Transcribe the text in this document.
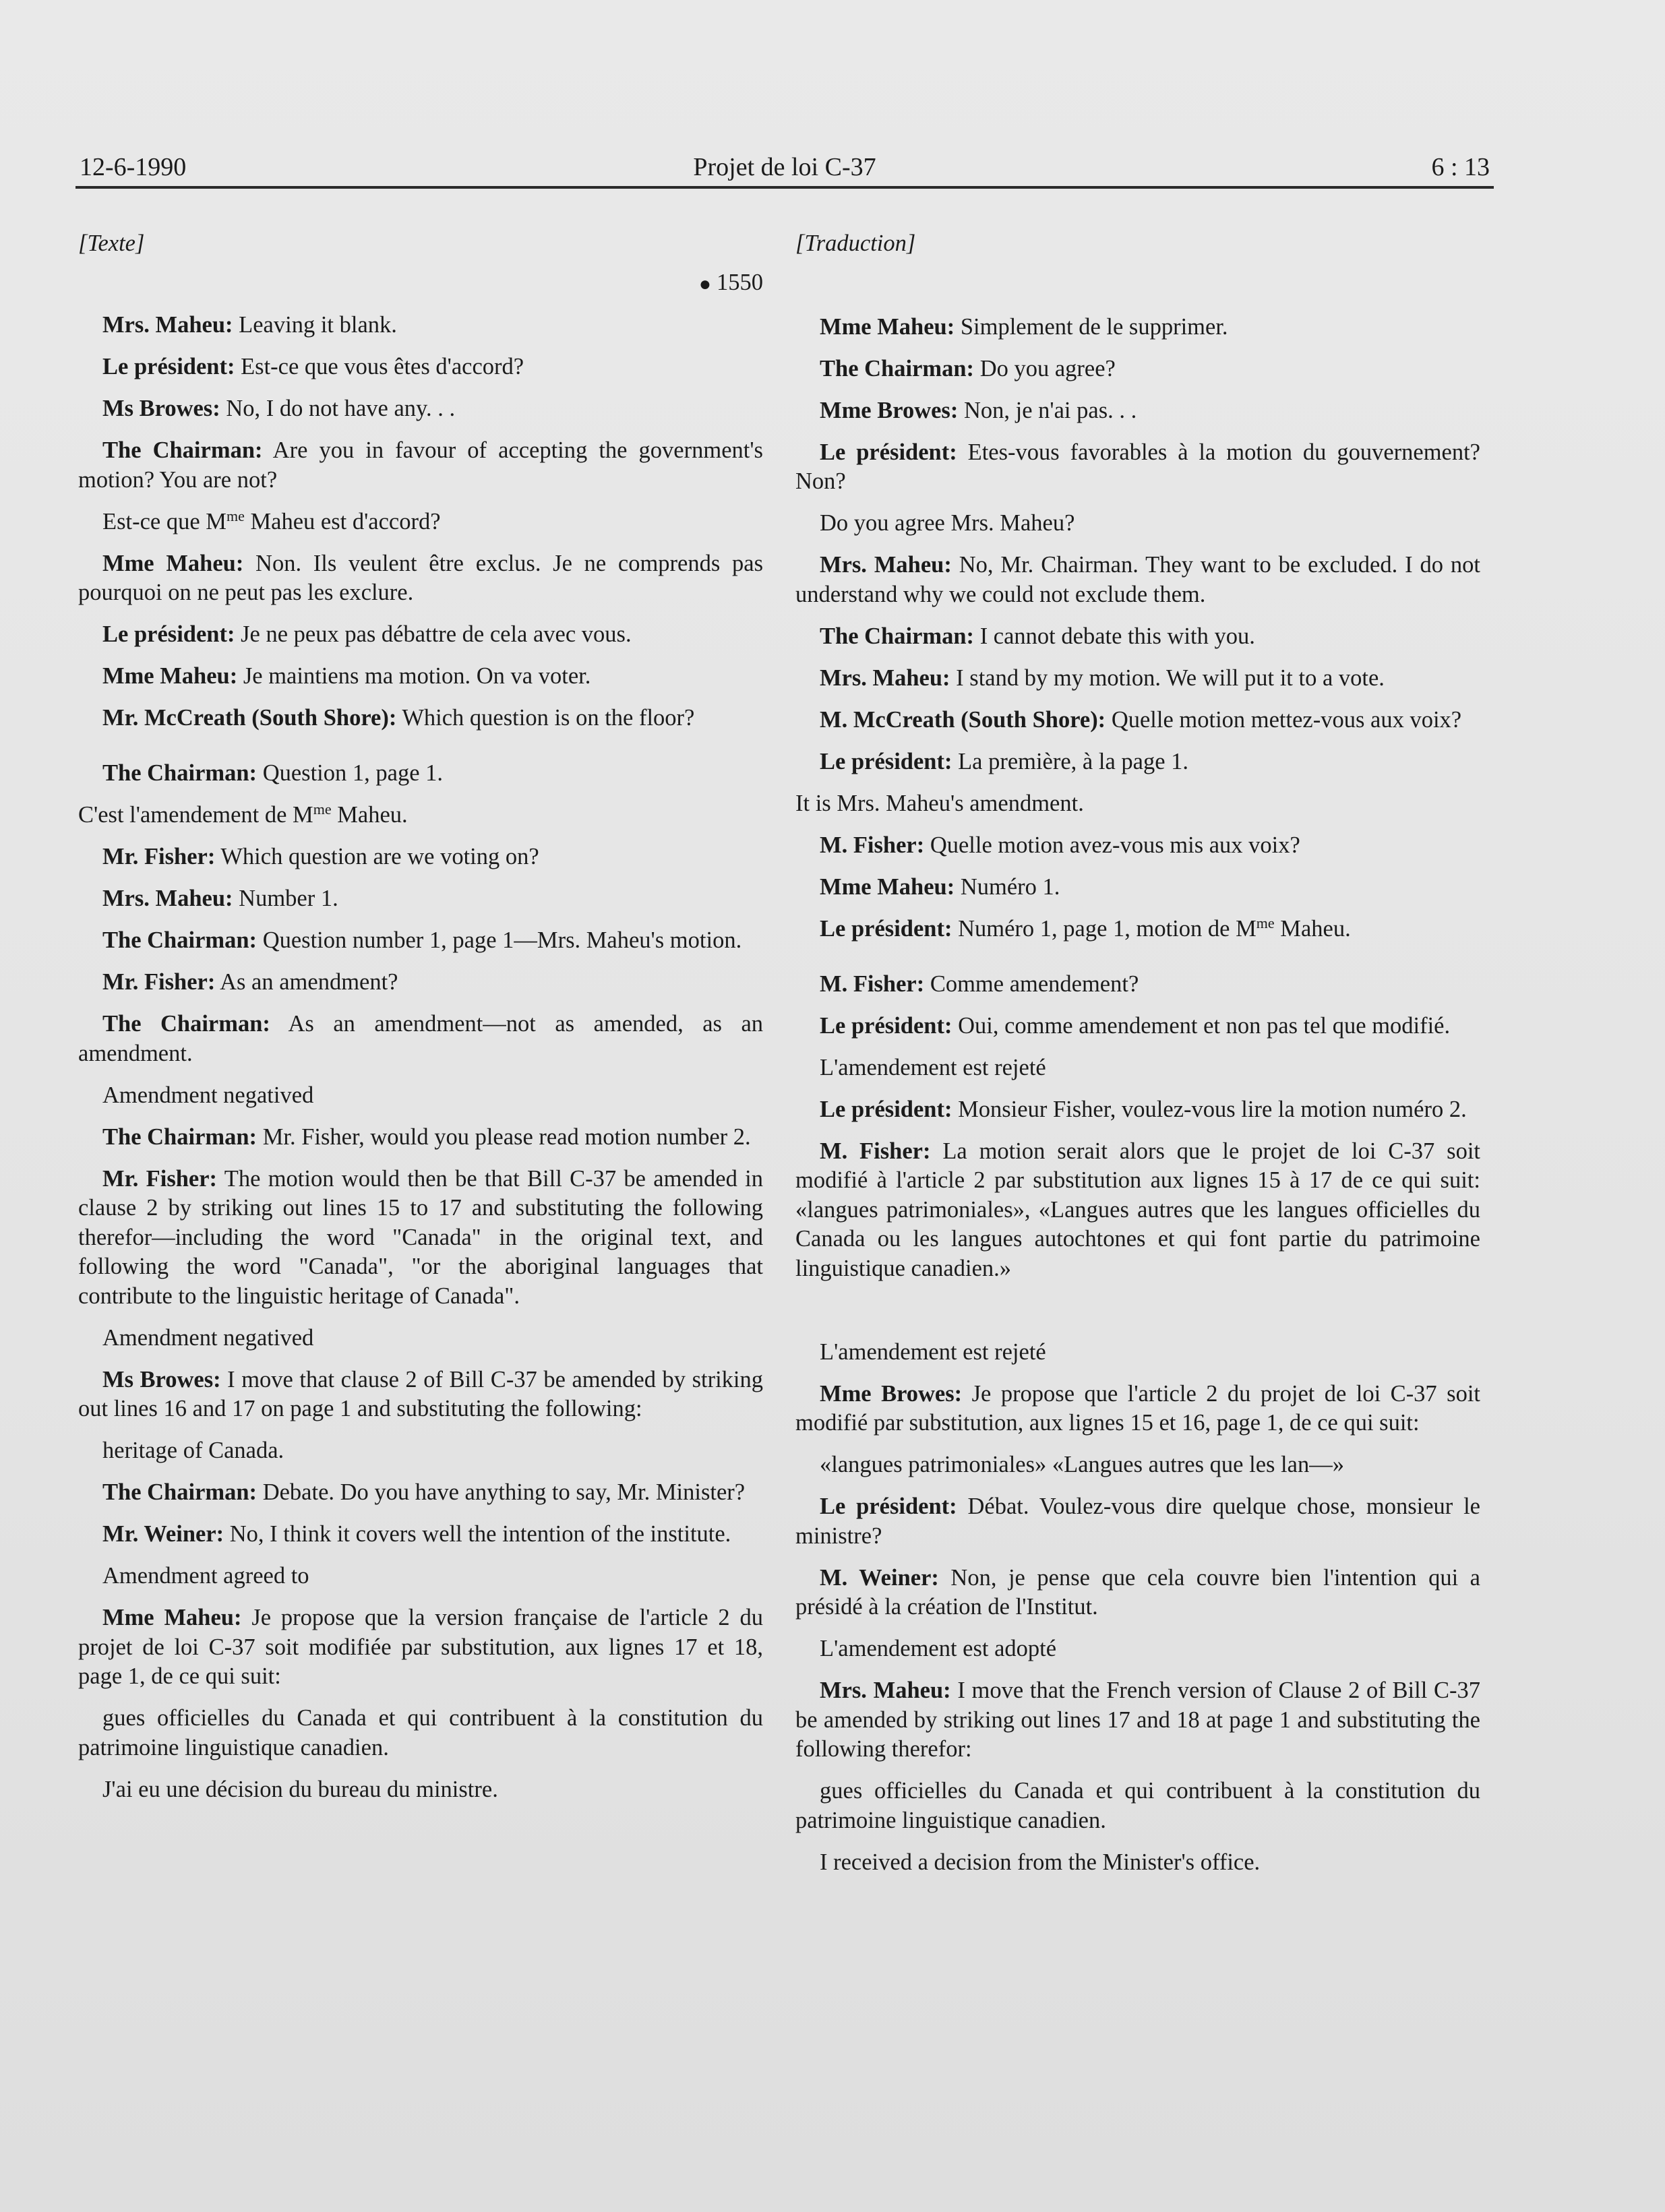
12-6-1990	Projet de loi C-37	6 : 13
[Texte]
● 1550

Mrs. Maheu: Leaving it blank.

Le président: Est-ce que vous êtes d'accord?

Ms Browes: No, I do not have any. . .

The Chairman: Are you in favour of accepting the government's motion? You are not?

Est-ce que $M^{me}$ Maheu est d'accord?

Mme Maheu: Non. Ils veulent être exclus. Je ne comprends pas pourquoi on ne peut pas les exclure.

Le président: Je ne peux pas débattre de cela avec vous.

Mme Maheu: Je maintiens ma motion. On va voter.

Mr. McCreath (South Shore): Which question is on the floor?

The Chairman: Question 1, page 1.

C'est l'amendement de $M^{me}$ Maheu.

Mr. Fisher: Which question are we voting on?

Mrs. Maheu: Number 1.

The Chairman: Question number 1, page 1—Mrs. Maheu's motion.

Mr. Fisher: As an amendment?

The Chairman: As an amendment—not as amended, as an amendment.

Amendment negatived

The Chairman: Mr. Fisher, would you please read motion number 2.

Mr. Fisher: The motion would then be that Bill C-37 be amended in clause 2 by striking out lines 15 to 17 and substituting the following therefor—including the word "Canada" in the original text, and following the word "Canada", "or the aboriginal languages that contribute to the linguistic heritage of Canada".

Amendment negatived

Ms Browes: I move that clause 2 of Bill C-37 be amended by striking out lines 16 and 17 on page 1 and substituting the following:

heritage of Canada.

The Chairman: Debate. Do you have anything to say, Mr. Minister?

Mr. Weiner: No, I think it covers well the intention of the institute.

Amendment agreed to

Mme Maheu: Je propose que la version française de l'article 2 du projet de loi C-37 soit modifiée par substitution, aux lignes 17 et 18, page 1, de ce qui suit:

gues officielles du Canada et qui contribuent à la constitution du patrimoine linguistique canadien.

J'ai eu une décision du bureau du ministre.

[Traduction]

Mme Maheu: Simplement de le supprimer.

The Chairman: Do you agree?

Mme Browes: Non, je n'ai pas. . .

Le président: Etes-vous favorables à la motion du gouvernement? Non?

Do you agree Mrs. Maheu?

Mrs. Maheu: No, Mr. Chairman. They want to be excluded. I do not understand why we could not exclude them.

The Chairman: I cannot debate this with you.

Mrs. Maheu: I stand by my motion. We will put it to a vote.

M. McCreath (South Shore): Quelle motion mettez-vous aux voix?

Le président: La première, à la page 1.

It is Mrs. Maheu's amendment.

M. Fisher: Quelle motion avez-vous mis aux voix?

Mme Maheu: Numéro 1.

Le président: Numéro 1, page 1, motion de $M^{me}$ Maheu.

M. Fisher: Comme amendement?

Le président: Oui, comme amendement et non pas tel que modifié.

L'amendement est rejeté

Le président: Monsieur Fisher, voulez-vous lire la motion numéro 2.

M. Fisher: La motion serait alors que le projet de loi C-37 soit modifié à l'article 2 par substitution aux lignes 15 à 17 de ce qui suit: «langues patrimoniales», «Langues autres que les langues officielles du Canada ou les langues autochtones et qui font partie du patrimoine linguistique canadien.»

L'amendement est rejeté

Mme Browes: Je propose que l'article 2 du projet de loi C-37 soit modifié par substitution, aux lignes 15 et 16, page 1, de ce qui suit:

«langues patrimoniales» «Langues autres que les lan—»

Le président: Débat. Voulez-vous dire quelque chose, monsieur le ministre?

M. Weiner: Non, je pense que cela couvre bien l'intention qui a présidé à la création de l'Institut.

L'amendement est adopté

Mrs. Maheu: I move that the French version of Clause 2 of Bill C-37 be amended by striking out lines 17 and 18 at page 1 and substituting the following therefor:

gues officielles du Canada et qui contribuent à la constitution du patrimoine linguistique canadien.

I received a decision from the Minister's office.
